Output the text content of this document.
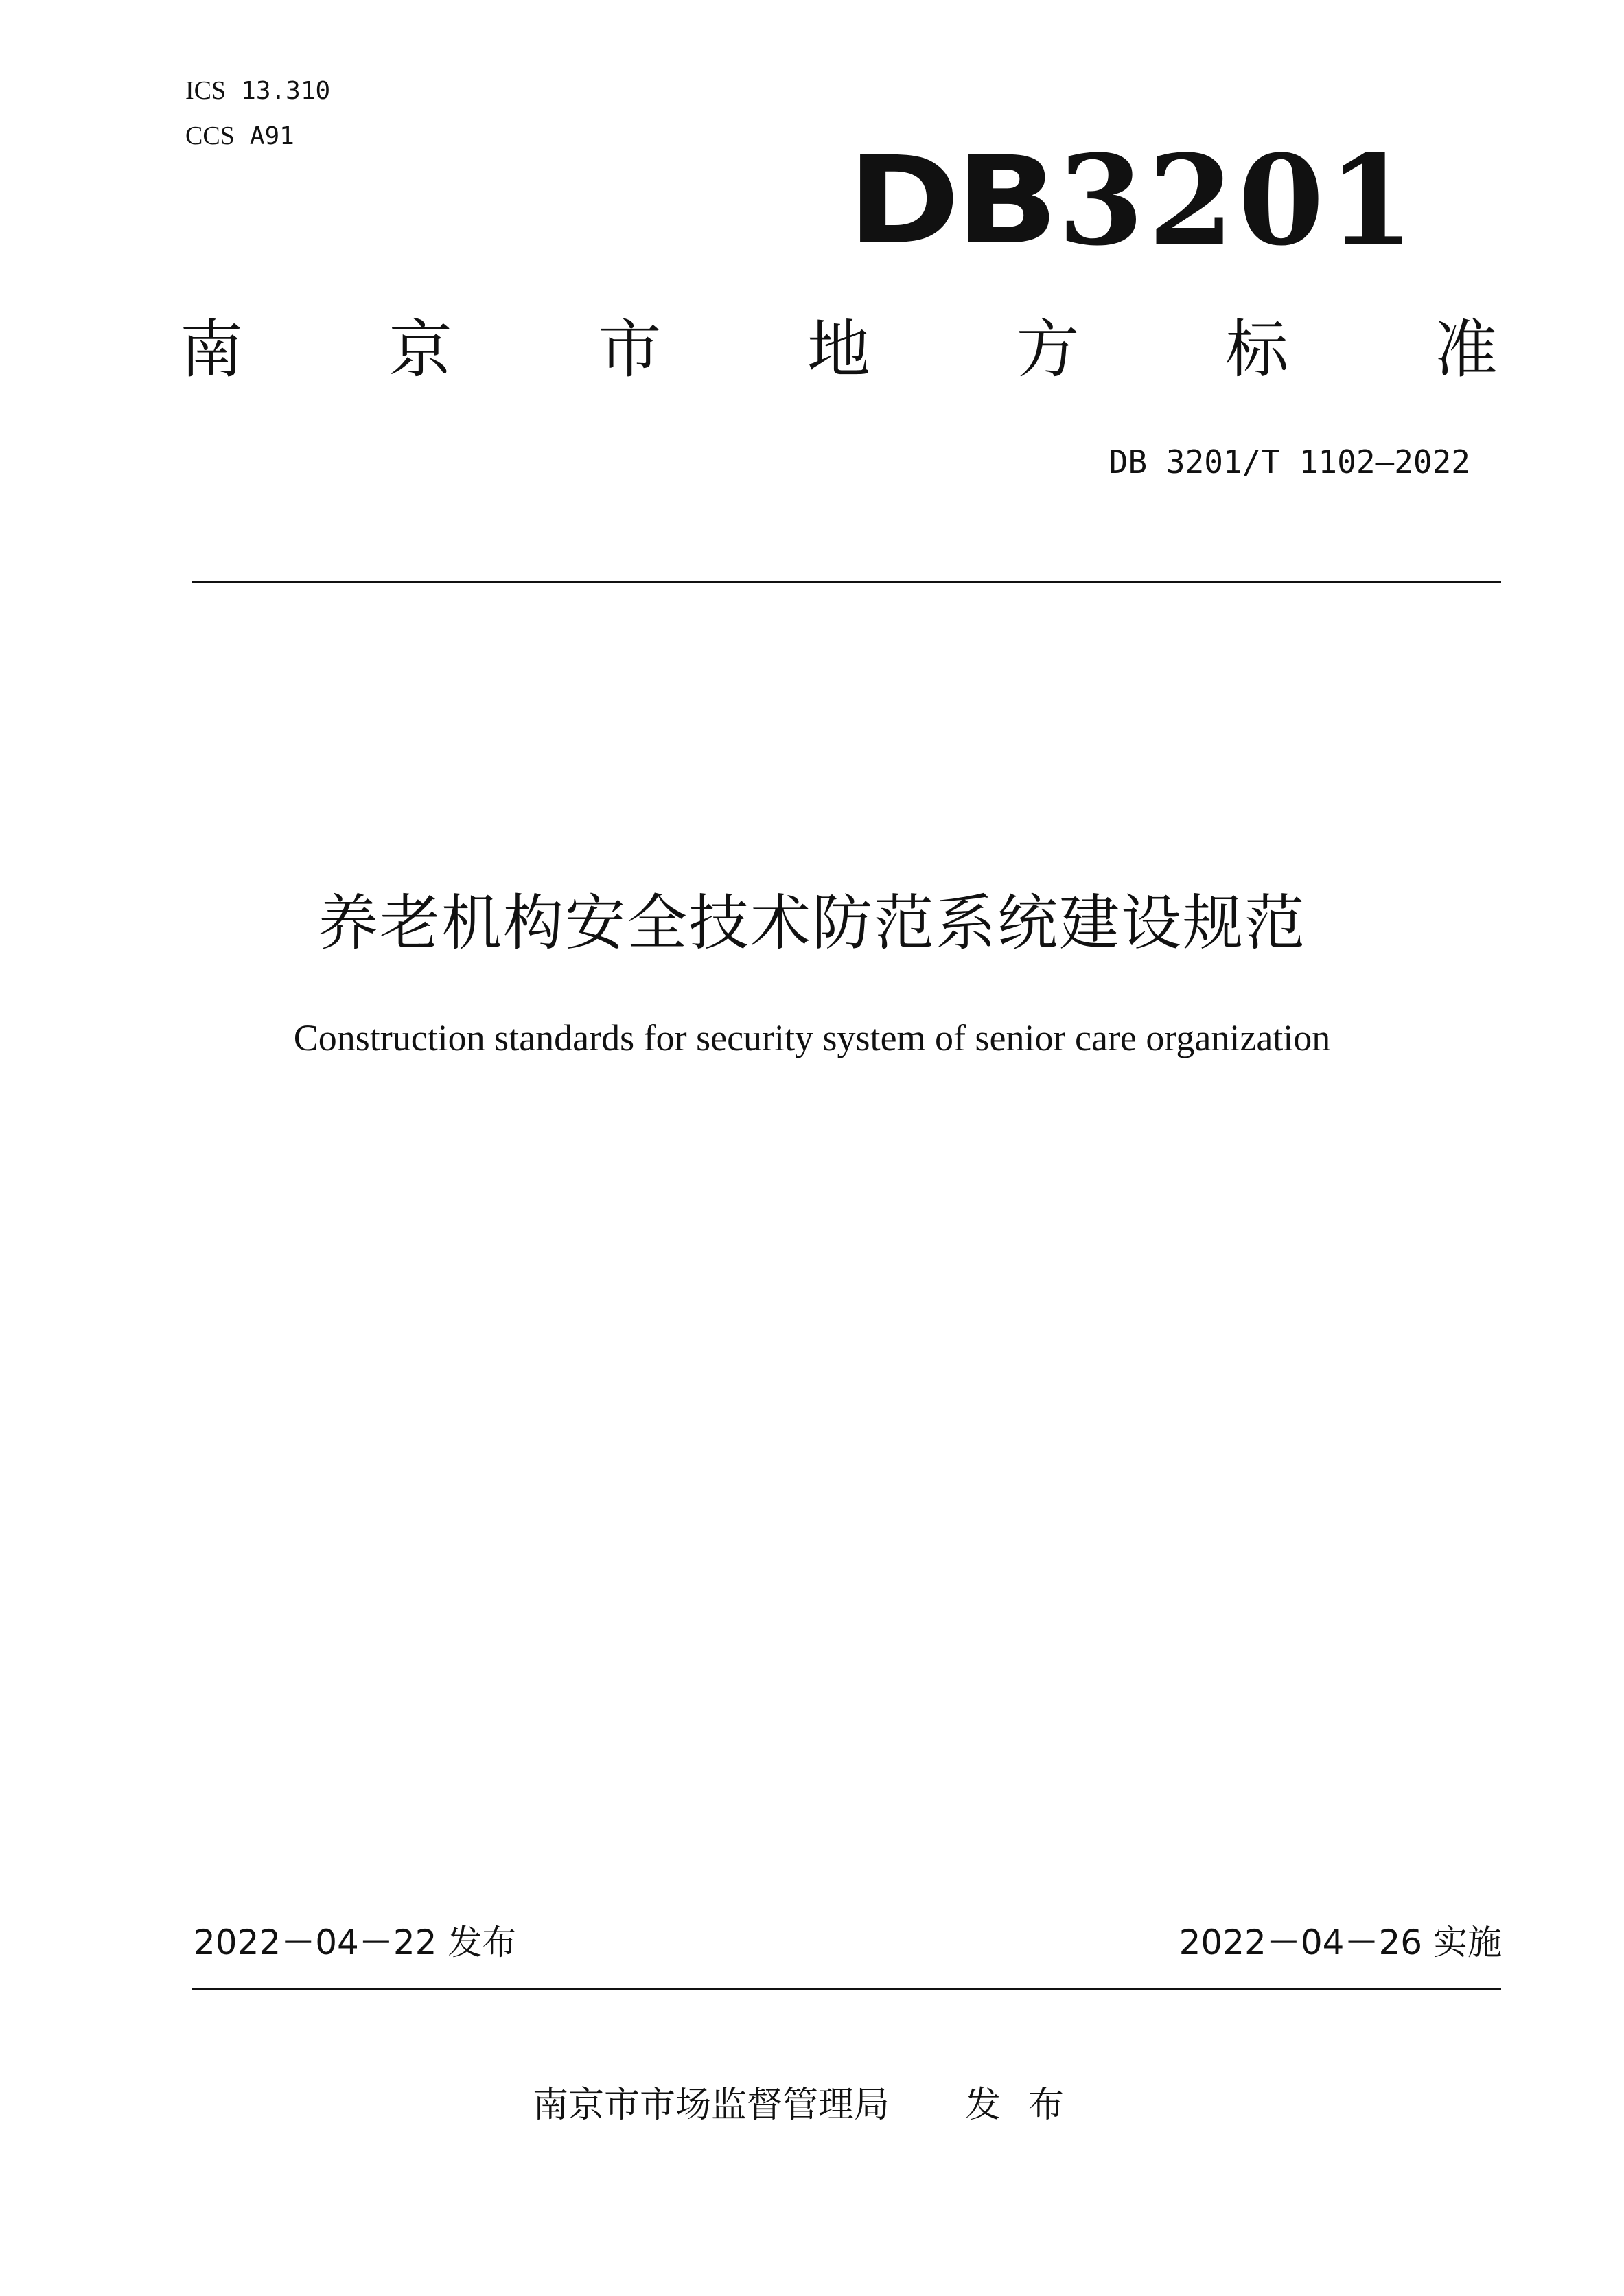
ICS 13.310
CCS A91	DB 3201
南 京 市 地 方 标 准
DB 3201/T 1102—2022
养老机构安全技术防范系统建设规范
Construction standards for security system of senior care organization
2022－04－22 发布	2022－04－26 实施
南京市市场监督管理局 发布
